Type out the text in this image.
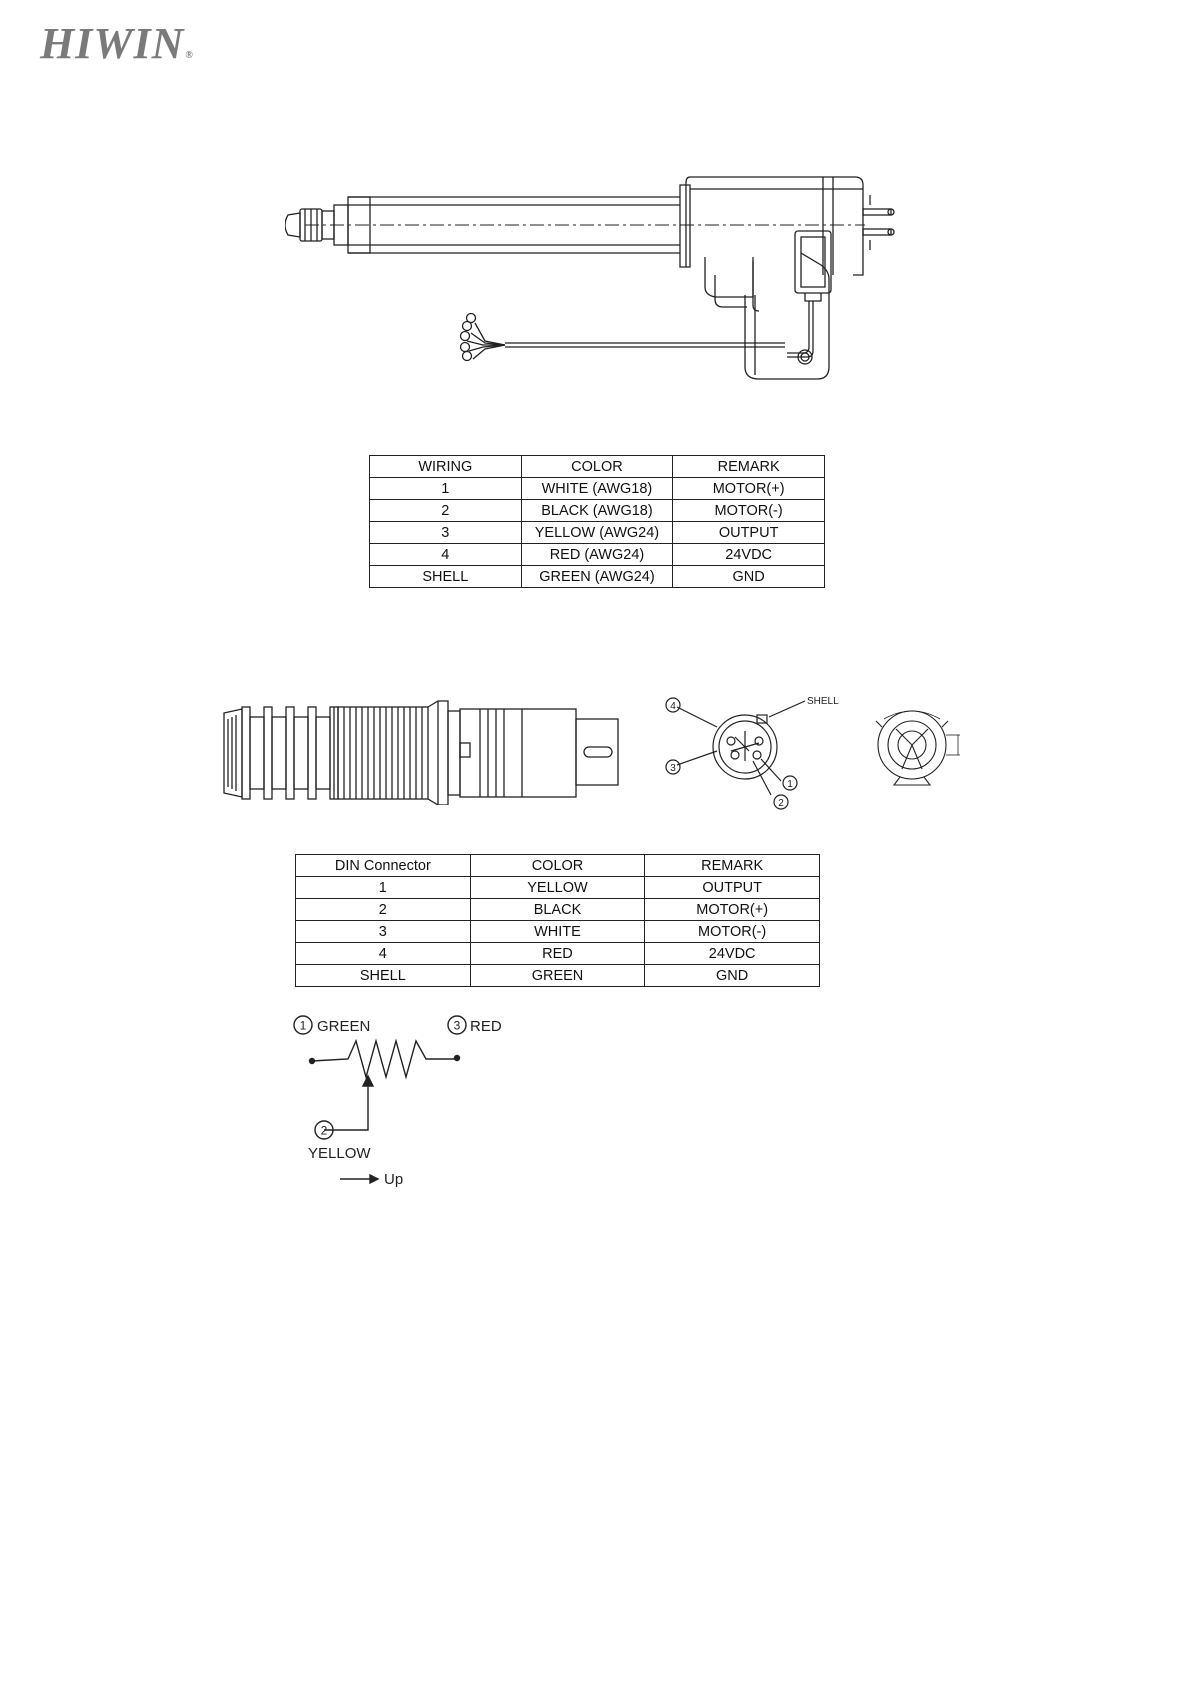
HIWIN®
WIRING	COLOR	REMARK
1	WHITE (AWG18)	MOTOR(+)
2	BLACK (AWG18)	MOTOR(-)
3	YELLOW (AWG24)	OUTPUT
4	RED (AWG24)	24VDC
SHELL	GREEN (AWG24)	GND
4
3
1
2
SHELL
DIN Connector	COLOR	REMARK
1	YELLOW	OUTPUT
2	BLACK	MOTOR(+)
3	WHITE	MOTOR(-)
4	RED	24VDC
SHELL	GREEN	GND
1 GREEN	3 RED
2
YELLOW
Up
